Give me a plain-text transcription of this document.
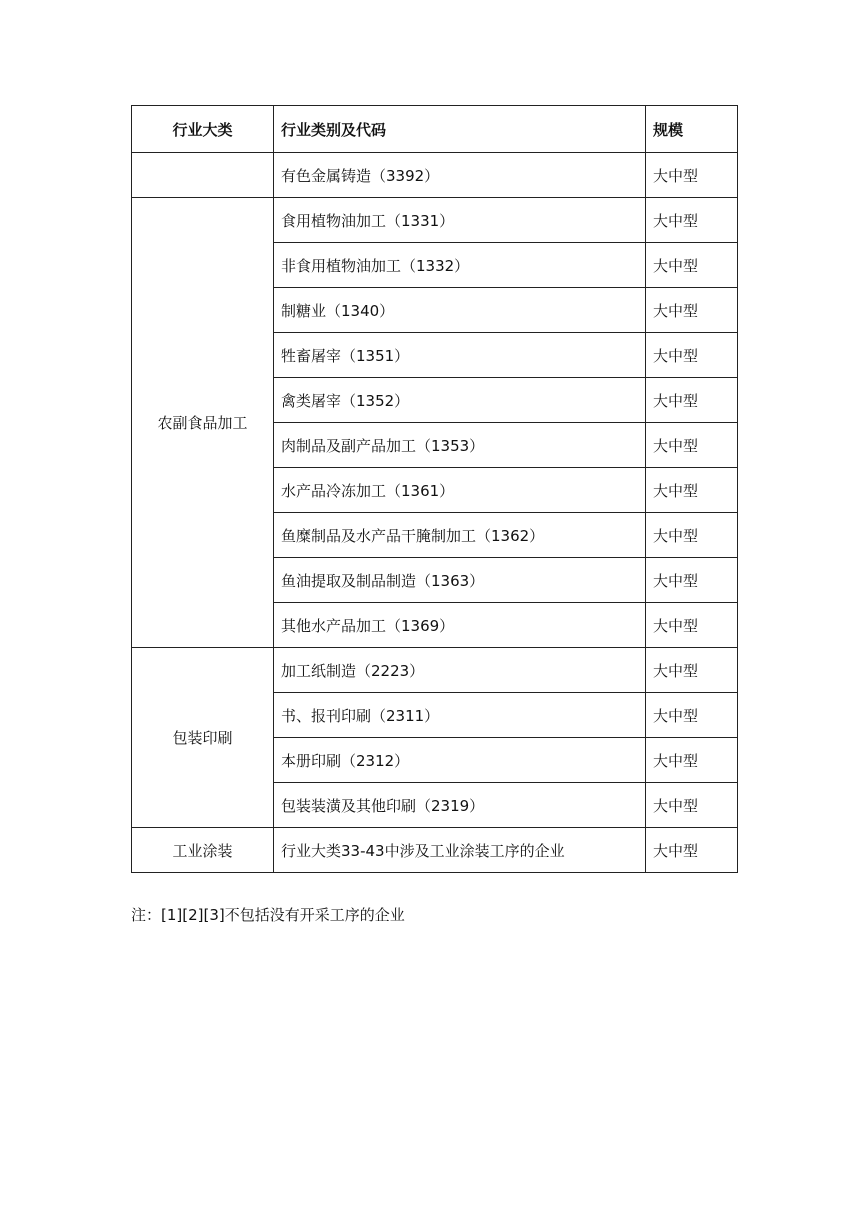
行业大类	行业类别及代码	规模
	有色金属铸造（3392）	大中型
农副食品加工	食用植物油加工（1331）	大中型
	非食用植物油加工（1332）	大中型
	制糖业（1340）	大中型
	牲畜屠宰（1351）	大中型
	禽类屠宰（1352）	大中型
	肉制品及副产品加工（1353）	大中型
	水产品冷冻加工（1361）	大中型
	鱼糜制品及水产品干腌制加工（1362）	大中型
	鱼油提取及制品制造（1363）	大中型
	其他水产品加工（1369）	大中型
包装印刷	加工纸制造（2223）	大中型
	书、报刊印刷（2311）	大中型
	本册印刷（2312）	大中型
	包装装潢及其他印刷（2319）	大中型
工业涂装	行业大类33-43中涉及工业涂装工序的企业	大中型
注：[1][2][3]不包括没有开采工序的企业
